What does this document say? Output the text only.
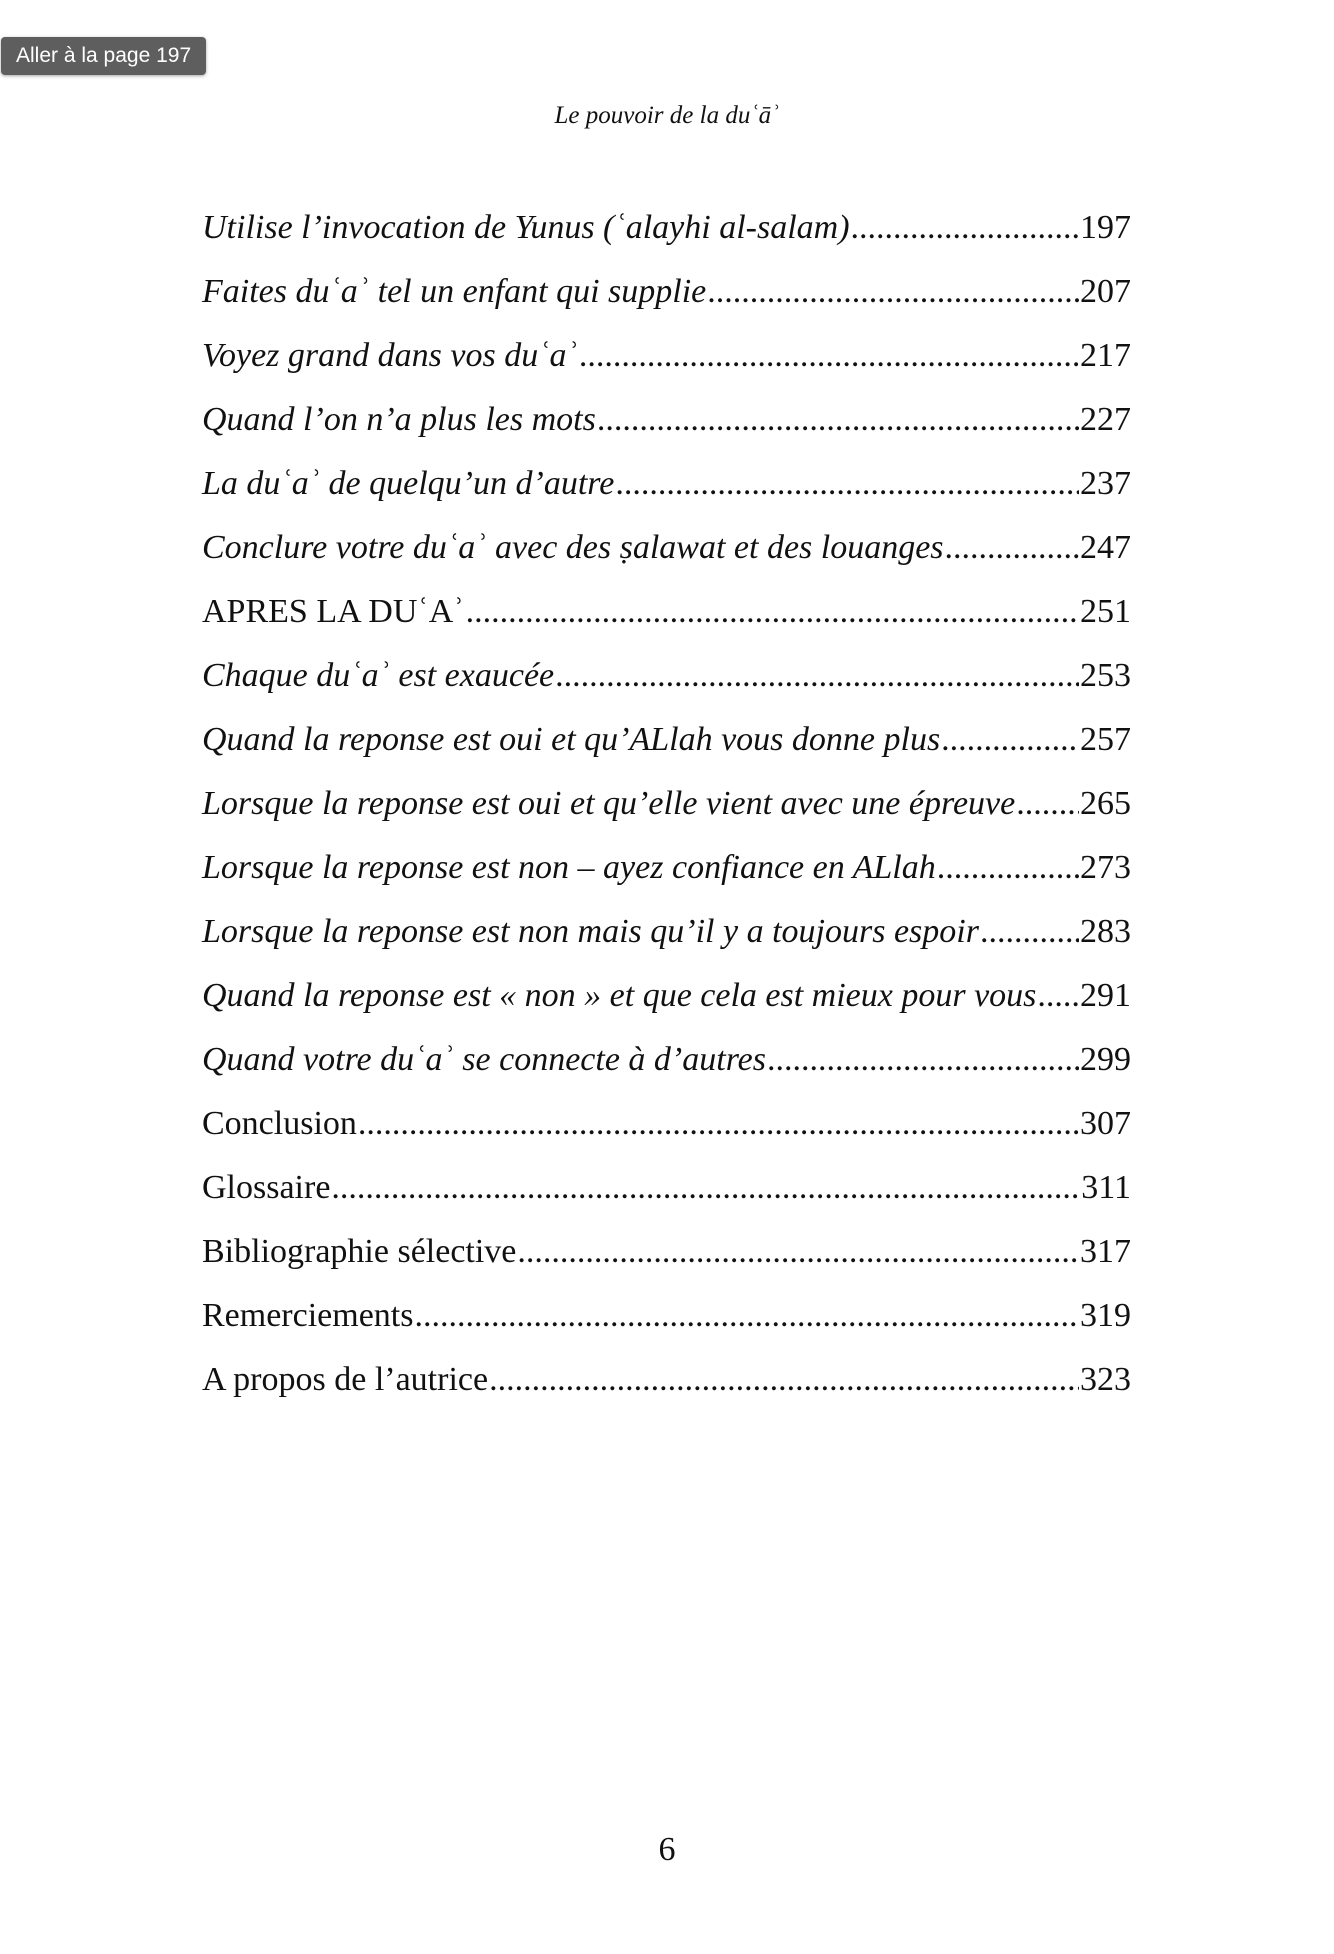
Aller à la page 197
Le pouvoir de la duʿāʾ
Utilise l’invocation de Yunus (ʿalayhi al-salam) .....	197
Faites duʿaʾ tel un enfant qui supplie .....	207
Voyez grand dans vos duʿaʾ .....	217
Quand l’on n’a plus les mots .....	227
La duʿaʾ de quelqu’un d’autre .....	237
Conclure votre duʿaʾ avec des ṣalawat et des louanges .....	247
APRES LA DUʿAʾ .....	251
Chaque duʿaʾ est exaucée .....	253
Quand la reponse est oui et qu’ALlah vous donne plus .....	257
Lorsque la reponse est oui et qu’elle vient avec une épreuve ..... 265
Lorsque la reponse est non – ayez confiance en ALlah .....	273
Lorsque la reponse est non mais qu’il y a toujours espoir .....	283
Quand la reponse est « non » et que cela est mieux pour vous ..... 291
Quand votre duʿaʾ se connecte à d’autres .....	299
Conclusion .....	307
Glossaire .....	311
Bibliographie sélective .....	317
Remerciements .....	319
A propos de l’autrice .....	323
6
